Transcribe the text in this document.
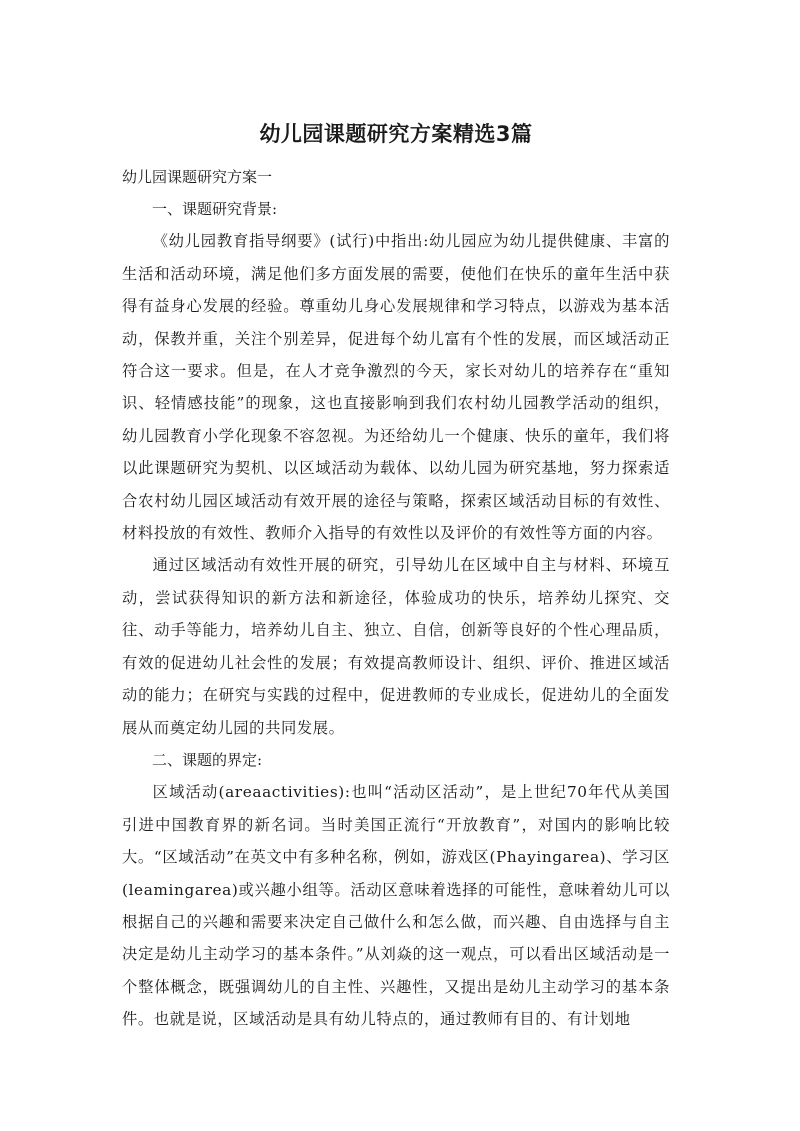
幼儿园课题研究方案精选3篇

幼儿园课题研究方案一

一、课题研究背景:

《幼儿园教育指导纲要》(试行)中指出:幼儿园应为幼儿提供健康、丰富的生活和活动环境，满足他们多方面发展的需要，使他们在快乐的童年生活中获得有益身心发展的经验。尊重幼儿身心发展规律和学习特点，以游戏为基本活动，保教并重，关注个别差异，促进每个幼儿富有个性的发展，而区域活动正符合这一要求。但是，在人才竞争激烈的今天，家长对幼儿的培养存在“重知识、轻情感技能”的现象，这也直接影响到我们农村幼儿园教学活动的组织，幼儿园教育小学化现象不容忽视。为还给幼儿一个健康、快乐的童年，我们将以此课题研究为契机、以区域活动为载体、以幼儿园为研究基地，努力探索适合农村幼儿园区域活动有效开展的途径与策略，探索区域活动目标的有效性、材料投放的有效性、教师介入指导的有效性以及评价的有效性等方面的内容。

通过区域活动有效性开展的研究，引导幼儿在区域中自主与材料、环境互动，尝试获得知识的新方法和新途径，体验成功的快乐，培养幼儿探究、交往、动手等能力，培养幼儿自主、独立、自信，创新等良好的个性心理品质，有效的促进幼儿社会性的发展；有效提高教师设计、组织、评价、推进区域活动的能力；在研究与实践的过程中，促进教师的专业成长，促进幼儿的全面发展从而奠定幼儿园的共同发展。

二、课题的界定:

区域活动(areaactivities):也叫“活动区活动”，是上世纪70年代从美国引进中国教育界的新名词。当时美国正流行“开放教育”，对国内的影响比较大。“区域活动”在英文中有多种名称，例如，游戏区(Phayingarea)、学习区(leamingarea)或兴趣小组等。活动区意味着选择的可能性，意味着幼儿可以根据自己的兴趣和需要来决定自己做什么和怎么做，而兴趣、自由选择与自主决定是幼儿主动学习的基本条件。”从刘焱的这一观点，可以看出区域活动是一个整体概念，既强调幼儿的自主性、兴趣性，又提出是幼儿主动学习的基本条件。也就是说，区域活动是具有幼儿特点的，通过教师有目的、有计划地
